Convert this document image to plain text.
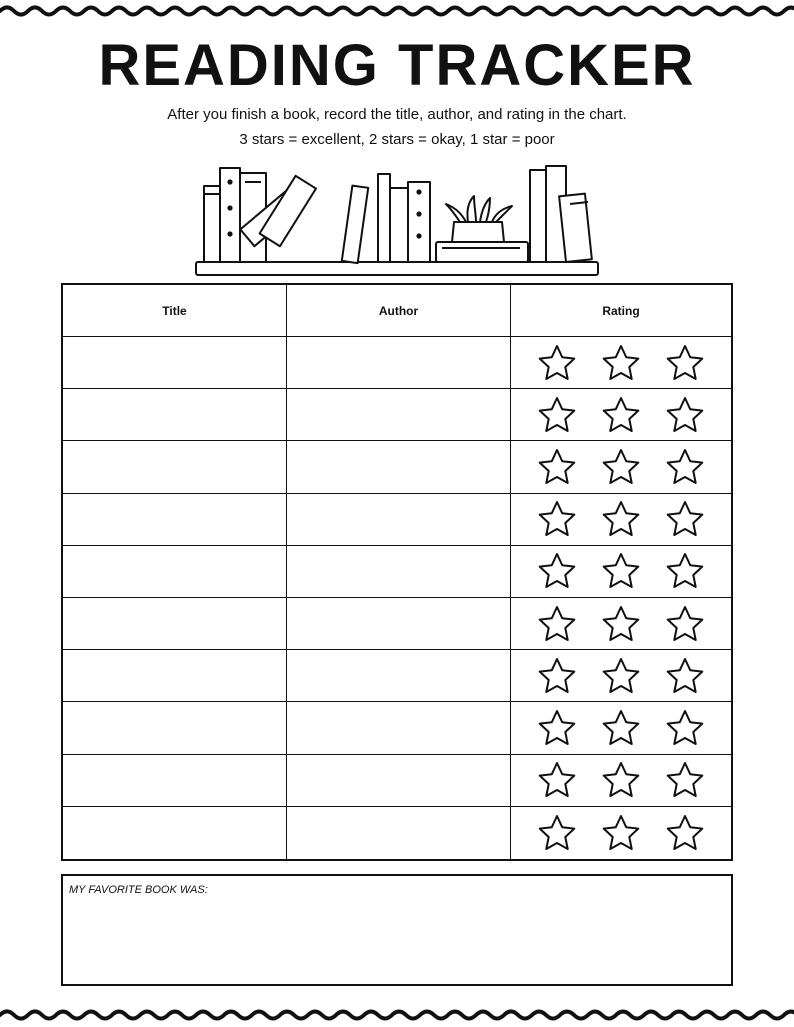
READING TRACKER
After you finish a book, record the title, author, and rating in the chart.
3 stars = excellent, 2 stars = okay, 1 star = poor
Title	Author	Rating
MY FAVORITE BOOK WAS:
